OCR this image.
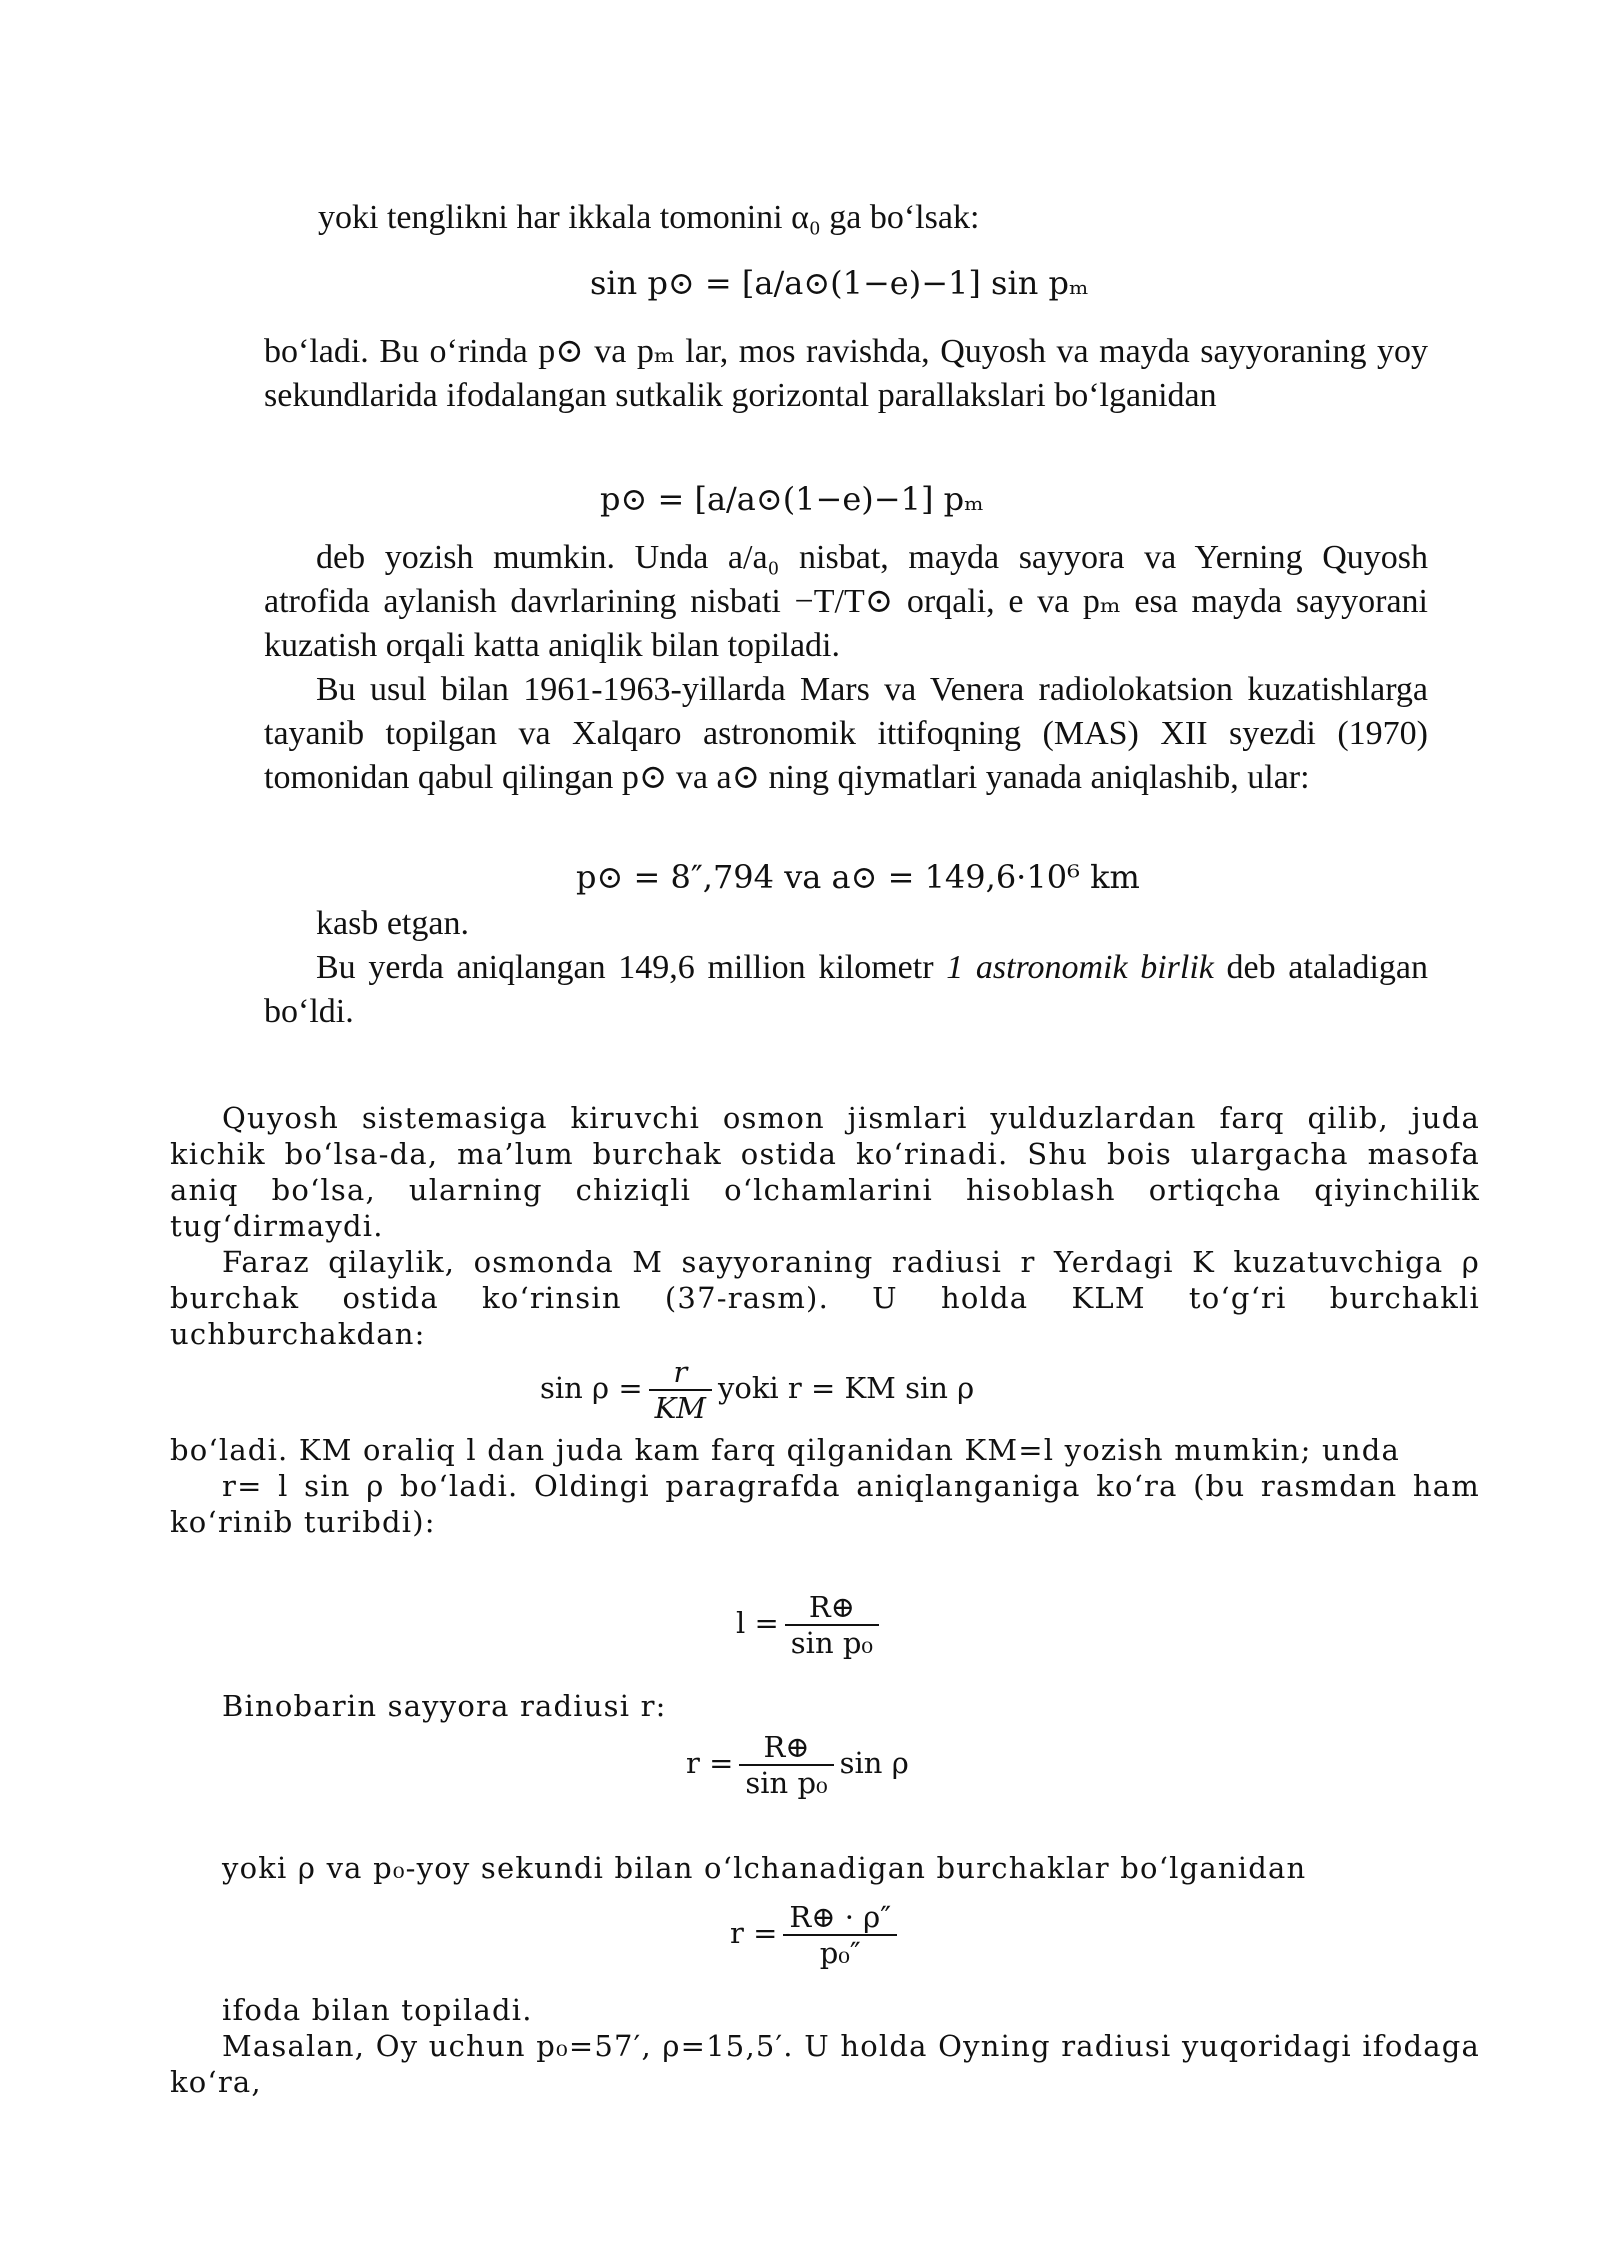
yoki tenglikni har ikkala tomonini α₀ ga bo‘lsak:

sin p⊙ = [a/a⊙(1−e)−1] sin pₘ

bo‘ladi. Bu o‘rinda p⊙ va pₘ lar, mos ravishda, Quyosh va mayda sayyoraning yoy sekundlarida ifodalangan sutkalik gorizontal parallakslari bo‘lganidan

p⊙ = [a/a⊙(1−e)−1] pₘ

deb yozish mumkin. Unda a/a₀ nisbat, mayda sayyora va Yerning Quyosh atrofida aylanish davrlarining nisbati −T/T⊙ orqali, e va pₘ esa mayda sayyorani kuzatish orqali katta aniqlik bilan topiladi.

Bu usul bilan 1961-1963-yillarda Mars va Venera radiolokatsion kuzatishlarga tayanib topilgan va Xalqaro astronomik ittifoqning (MAS) XII syezdi (1970) tomonidan qabul qilingan p⊙ va a⊙ ning qiymatlari yanada aniqlashib, ular:

p⊙ = 8″,794 va a⊙ = 149,6·10⁶ km

kasb etgan.

Bu yerda aniqlangan 149,6 million kilometr 1 astronomik birlik deb ataladigan bo‘ldi.

Quyosh sistemasiga kiruvchi osmon jismlari yulduzlardan farq qilib, juda kichik bo‘lsa-da, ma’lum burchak ostida ko‘rinadi. Shu bois ulargacha masofa aniq bo‘lsa, ularning chiziqli o‘lchamlarini hisoblash ortiqcha qiyinchilik tug‘dirmaydi.

Faraz qilaylik, osmonda M sayyoraning radiusi r Yerdagi K kuzatuvchiga ρ burchak ostida ko‘rinsin (37-rasm). U holda KLM to‘g‘ri burchakli uchburchakdan:

$\sin \rho = \frac{r}{KM}$ yoki r = KM sin ρ

bo‘ladi. KM oraliq l dan juda kam farq qilganidan KM=l yozish mumkin; unda

r= l sin ρ bo‘ladi. Oldingi paragrafda aniqlanganiga ko‘ra (bu rasmdan ham ko‘rinib turibdi):

$l = \frac{R\oplus}{\text{sin p₀}}$

Binobarin sayyora radiusi r:

$r = \frac{R\oplus}{\text{sin p₀}}$ sin ρ

yoki ρ va p₀-yoy sekundi bilan o‘lchanadigan burchaklar bo‘lganidan

$r = \frac{R\oplus \cdot \rho''}{\text{p₀″}}$

ifoda bilan topiladi.

Masalan, Oy uchun p₀=57′, ρ=15,5′. U holda Oyning radiusi yuqoridagi ifodaga ko‘ra,
